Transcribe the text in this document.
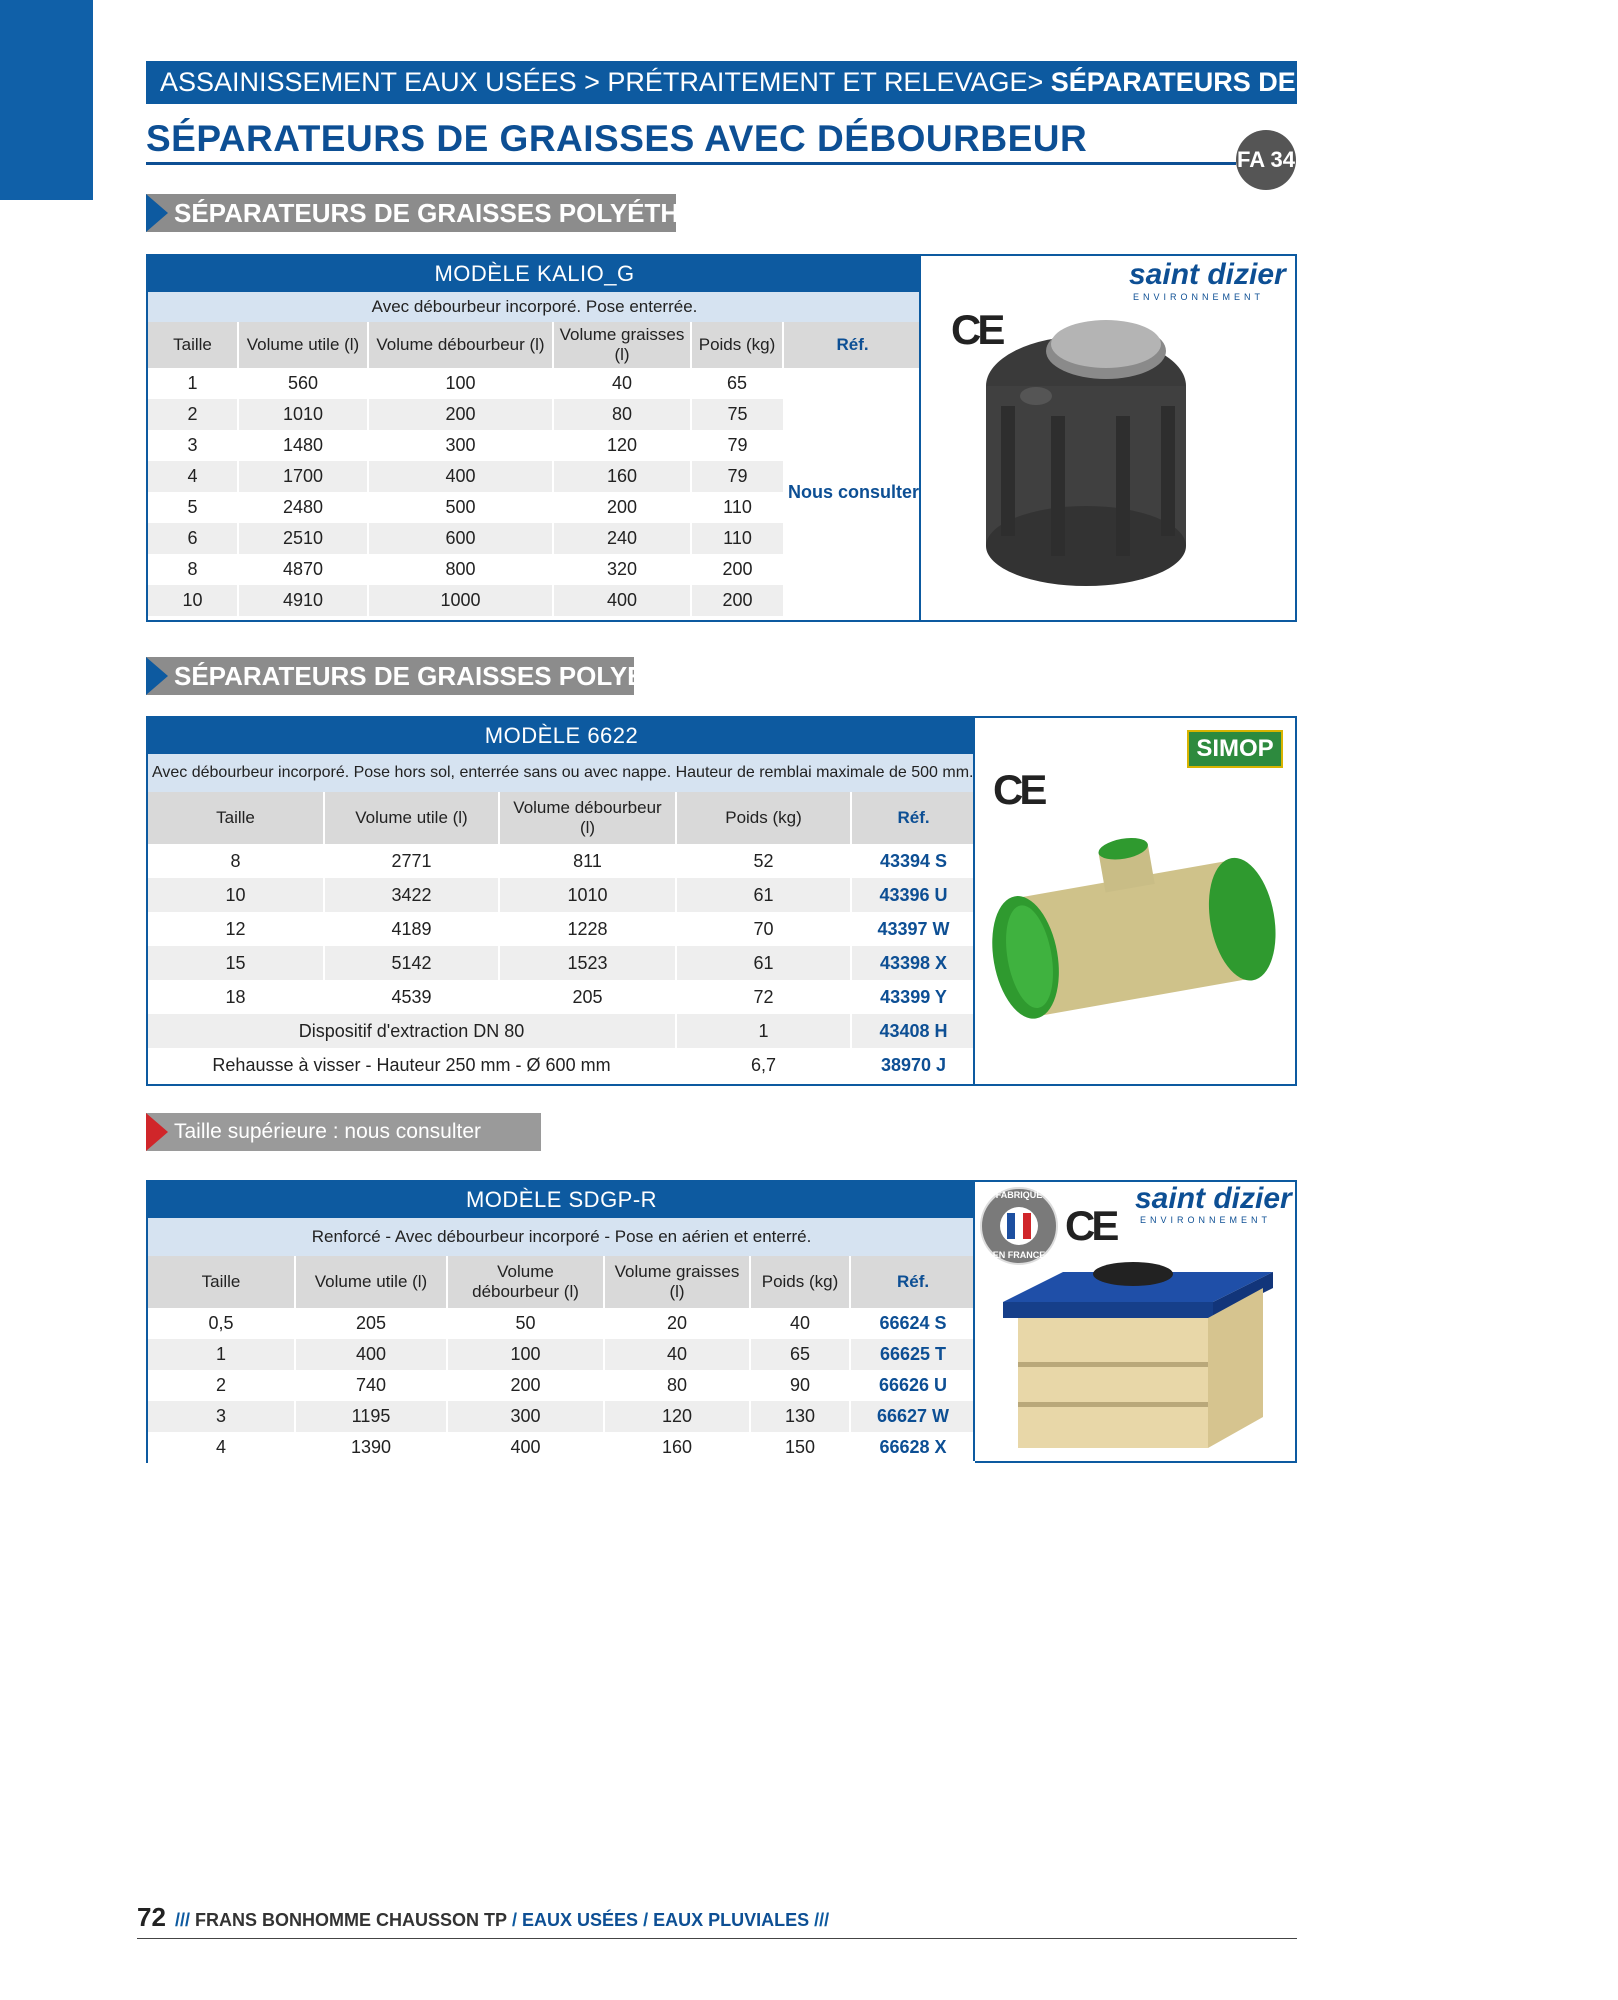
ASSAINISSEMENT EAUX USÉES > PRÉTRAITEMENT ET RELEVAGE> SÉPARATEURS DE GRAISSES ET FÉCULES
SÉPARATEURS DE GRAISSES AVEC DÉBOURBEUR
FA 34
SÉPARATEURS DE GRAISSES POLYÉTHYLÈNE
MODÈLE KALIO_G					
Avec débourbeur incorporé. Pose enterrée.					
Taille	Volume utile (l)	Volume débourbeur (l)	Volume graisses (l)	Poids (kg)	Réf.
1	560	100	40	65	Nous consulter
2	1010	200	80	75	
3	1480	300	120	79	
4	1700	400	160	79	
5	2480	500	200	110	
6	2510	600	240	110	
8	4870	800	320	200	
10	4910	1000	400	200	
saint dizier
ENVIRONNEMENT
CE
SÉPARATEURS DE GRAISSES POLYESTER
MODÈLE 6622				
Avec débourbeur incorporé. Pose hors sol, enterrée sans ou avec nappe. Hauteur de remblai maximale de 500 mm.				
Taille	Volume utile (l)	Volume débourbeur (l)	Poids (kg)	Réf.
8	2771	811	52	43394 S
10	3422	1010	61	43396 U
12	4189	1228	70	43397 W
15	5142	1523	61	43398 X
18	4539	205	72	43399 Y
Dispositif d'extraction DN 80			1	43408 H
Rehausse à visser - Hauteur 250 mm - Ø 600 mm			6,7	38970 J
SIMOP
CE
Taille supérieure : nous consulter
MODÈLE SDGP-R					
Renforcé - Avec débourbeur incorporé - Pose en aérien et enterré.					
Taille	Volume utile (l)	Volume débourbeur (l)	Volume graisses (l)	Poids (kg)	Réf.
0,5	205	50	20	40	66624 S
1	400	100	40	65	66625 T
2	740	200	80	90	66626 U
3	1195	300	120	130	66627 W
4	1390	400	160	150	66628 X
FABRIQUÉ
EN FRANCE
CE
saint dizier
ENVIRONNEMENT
72 /// FRANS BONHOMME CHAUSSON TP / EAUX USÉES / EAUX PLUVIALES ///
